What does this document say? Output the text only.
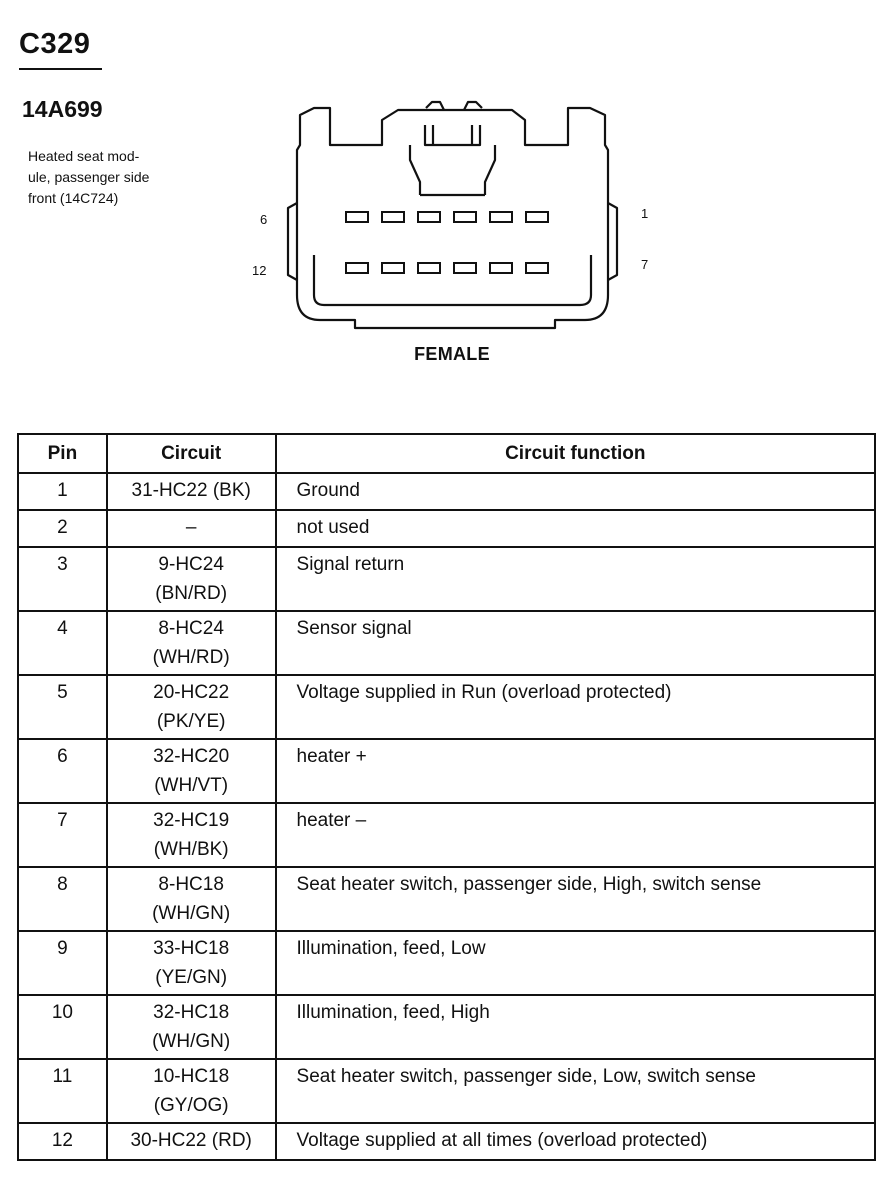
C329
14A699
Heated seat mod-
ule, passenger side
front (14C724)
6
12
1
7
FEMALE
Pin	Circuit	Circuit function
1	31-HC22 (BK)	Ground
2	–	not used
3	9-HC24
(BN/RD)	Signal return
4	8-HC24
(WH/RD)	Sensor signal
5	20-HC22
(PK/YE)	Voltage supplied in Run (overload protected)
6	32-HC20
(WH/VT)	heater +
7	32-HC19
(WH/BK)	heater –
8	8-HC18
(WH/GN)	Seat heater switch, passenger side, High, switch sense
9	33-HC18
(YE/GN)	Illumination, feed, Low
10	32-HC18
(WH/GN)	Illumination, feed, High
11	10-HC18
(GY/OG)	Seat heater switch, passenger side, Low, switch sense
12	30-HC22 (RD)	Voltage supplied at all times (overload protected)
